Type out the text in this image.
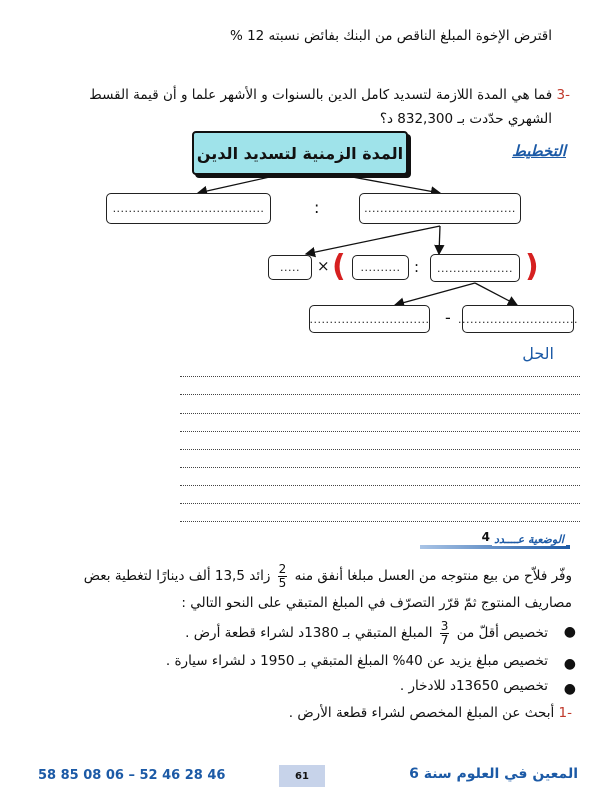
اقترض الإخوة المبلغ الناقص من البنك بفائض نسبته 12 %
-3 فما هي المدة اللازمة لتسديد كامل الدين بالسنوات و الأشهر علما و أن قيمة القسط
الشهري حدّدت بـ 832,300 د؟
التخطيط
المدة الزمنية لتسديد الدين
......................................	:	......................................
.....	× (	.......... :	................... )
.............................. - ..............................
الحل
الوضعية عــــدد
4
وفّر فلاّح من بيع منتوجه من العسل مبلغا أنفق منه
$\frac{2}{5}$
زائد 13,5 ألف دينارًا لتغطية بعض
مصاريف المنتوج ثمّ قرّر التصرّف في المبلغ المتبقي على النحو التالي :
●
تخصيص أقلّ من
$\frac{3}{7}$
المبلغ المتبقي بـ 1380د لشراء قطعة أرض .
●
تخصيص مبلغ يزيد عن 40% المبلغ المتبقي بـ 1950 د لشراء سيارة .
●
تخصيص 13650د للادخار .
-1 أبحث عن المبلغ المخصص لشراء قطعة الأرض .
58 85 08 06 – 52 46 28 46	61	المعين في العلوم سنة 6
